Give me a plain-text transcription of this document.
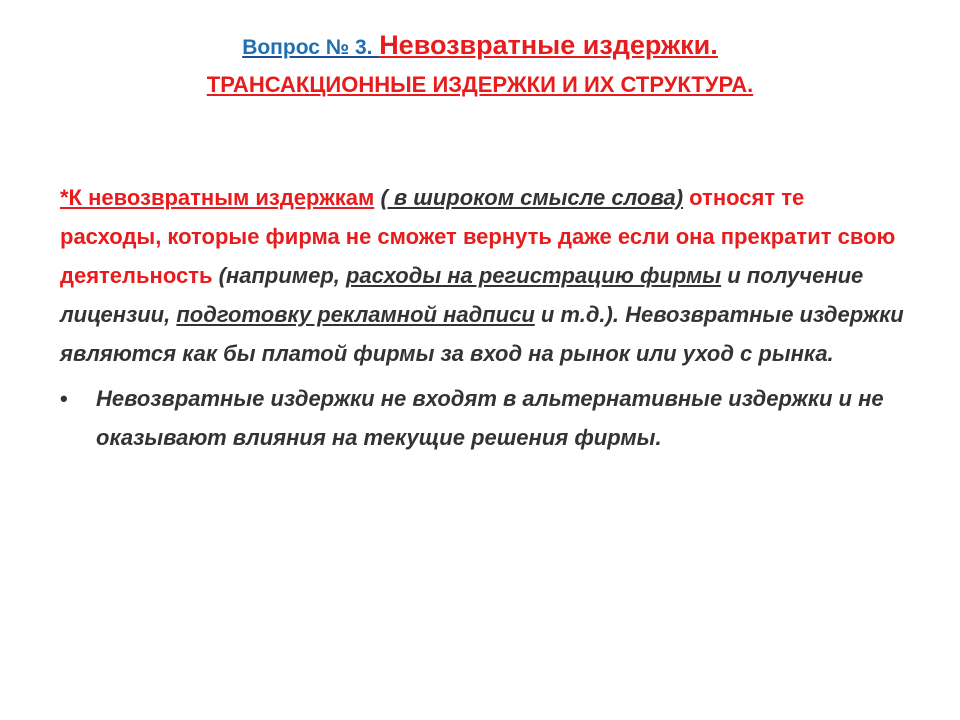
Вопрос № 3. Невозвратные издержки.
ТРАНСАКЦИОННЫЕ ИЗДЕРЖКИ И ИХ СТРУКТУРА.

*К невозвратным издержкам ( в широком смысле слова) относят те расходы, которые фирма не сможет вернуть даже если она прекратит свою деятельность (например, расходы на регистрацию фирмы и получение лицензии, подготовку рекламной надписи и т.д.). Невозвратные издержки являются как бы платой фирмы за вход на рынок или уход с рынка.

•	Невозвратные издержки не входят в альтернативные издержки и не оказывают влияния на текущие решения фирмы.
